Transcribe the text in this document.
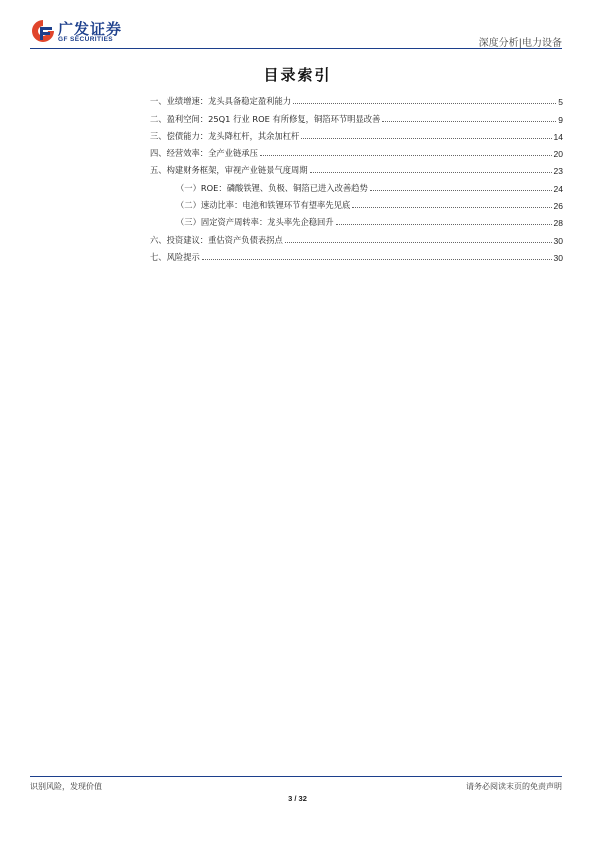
广发证券
GF SECURITIES	深度分析|电力设备
目录索引
一、业绩增速：龙头具备稳定盈利能力	5
二、盈利空间：25Q1 行业 ROE 有所修复，铜箔环节明显改善	9
三、偿债能力：龙头降杠杆，其余加杠杆	14
四、经营效率：全产业链承压	20
五、构建财务框架，审视产业链景气度周期	23
（一）ROE：磷酸铁锂、负极、铜箔已进入改善趋势	24
（二）速动比率：电池和铁锂环节有望率先见底	26
（三）固定资产周转率：龙头率先企稳回升	28
六、投资建议：重估资产负债表拐点	30
七、风险提示	30
识别风险，发现价值	请务必阅读末页的免责声明
3 / 32
